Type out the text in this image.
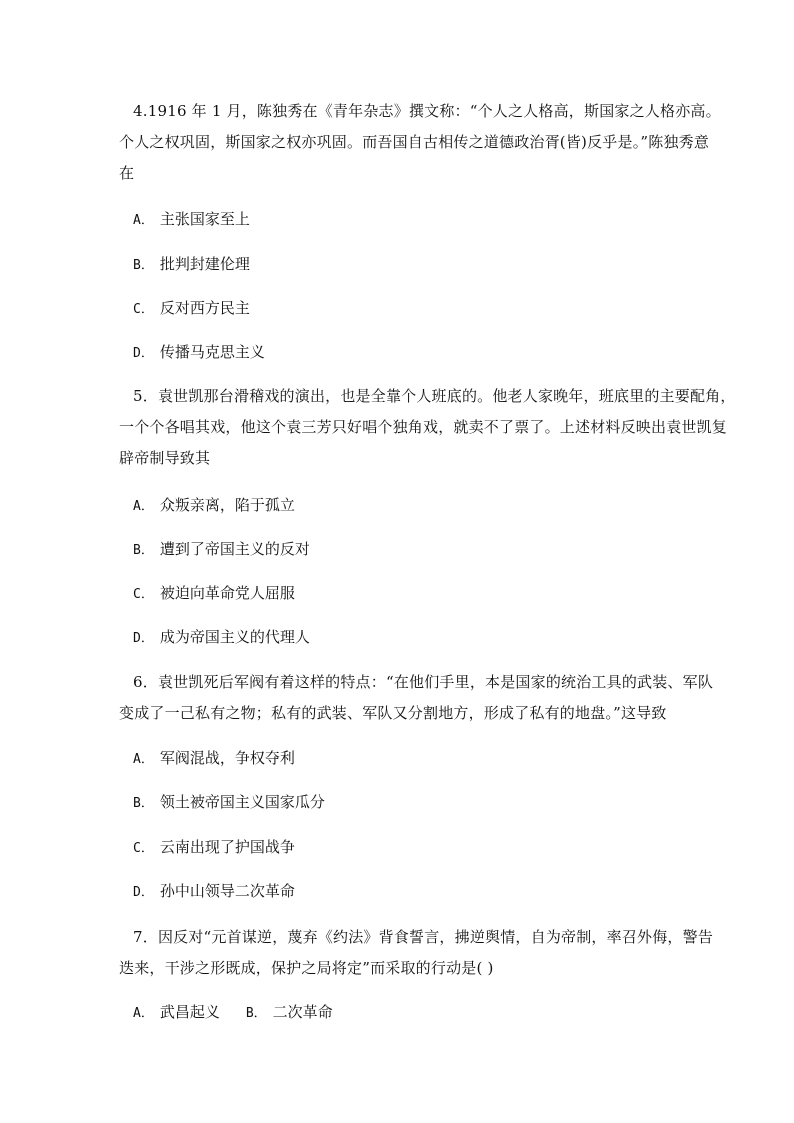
4.1916 年 1 月，陈独秀在《青年杂志》撰文称：“个人之人格高，斯国家之人格亦高。
个人之权巩固，斯国家之权亦巩固。而吾国自古相传之道德政治胥(皆)反乎是。”陈独秀意
在
A． 主张国家至上
B． 批判封建伦理
C． 反对西方民主
D． 传播马克思主义
5．袁世凯那台滑稽戏的演出，也是全靠个人班底的。他老人家晚年，班底里的主要配角，
一个个各唱其戏，他这个袁三芳只好唱个独角戏，就卖不了票了。上述材料反映出袁世凯复
辟帝制导致其
A． 众叛亲离，陷于孤立
B． 遭到了帝国主义的反对
C． 被迫向革命党人屈服
D． 成为帝国主义的代理人
6．袁世凯死后军阀有着这样的特点：“在他们手里，本是国家的统治工具的武装、军队
变成了一己私有之物；私有的武装、军队又分割地方，形成了私有的地盘。”这导致
A． 军阀混战，争权夺利
B． 领土被帝国主义国家瓜分
C． 云南出现了护国战争
D． 孙中山领导二次革命
7．因反对“元首谋逆，蔑弃《约法》背食誓言，拂逆舆情，自为帝制，率召外侮，警告
迭来，干涉之形既成，保护之局将定”而采取的行动是( )
A． 武昌起义 B． 二次革命
